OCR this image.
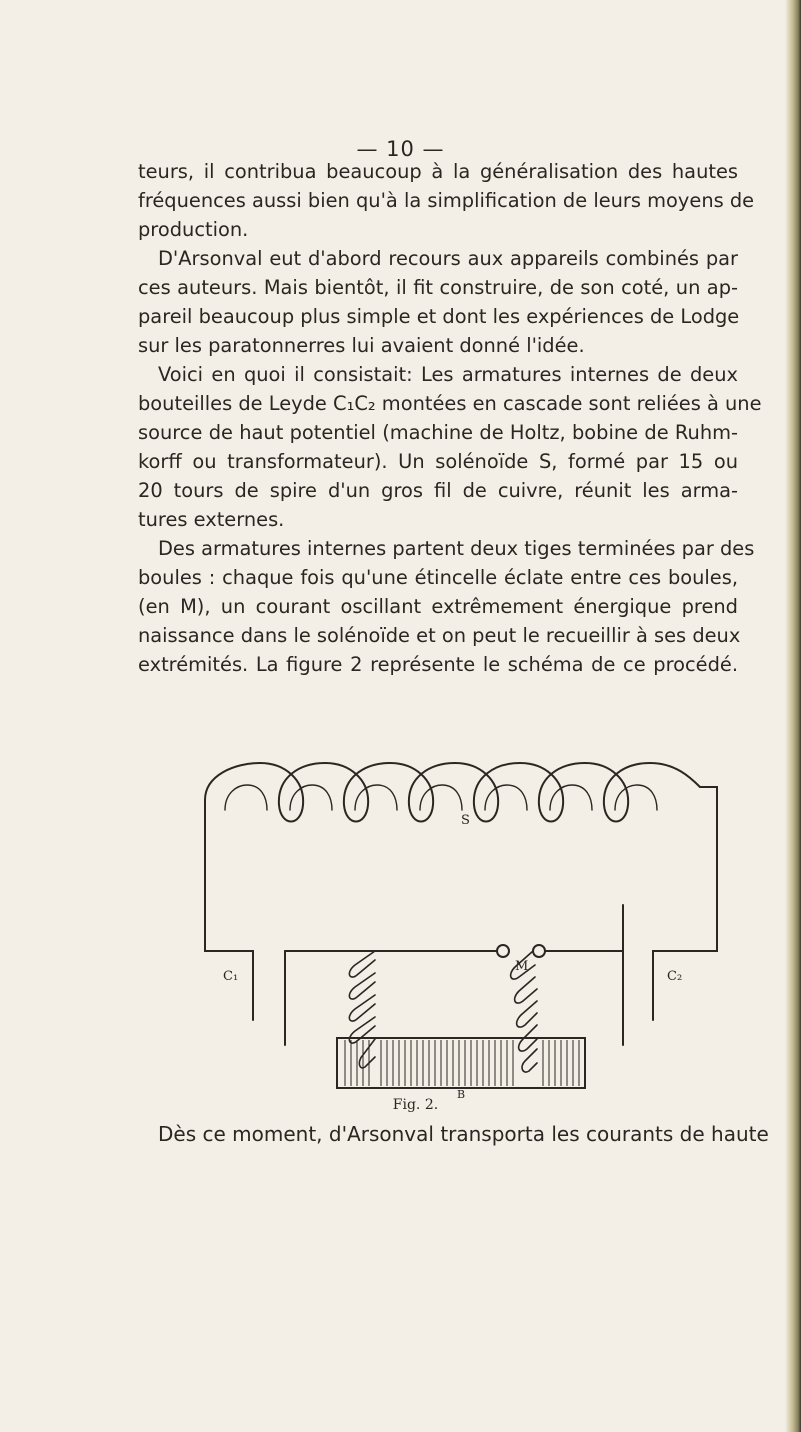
— 10 —
teurs, il contribua beaucoup à la généralisation des hautes
fréquences aussi bien qu'à la simplification de leurs moyens de
production.
D'Arsonval eut d'abord recours aux appareils combinés par
ces auteurs. Mais bientôt, il fit construire, de son coté, un ap-
pareil beaucoup plus simple et dont les expériences de Lodge
sur les paratonnerres lui avaient donné l'idée.
Voici en quoi il consistait: Les armatures internes de deux
bouteilles de Leyde C₁C₂ montées en cascade sont reliées à une
source de haut potentiel (machine de Holtz, bobine de Ruhm-
korff ou transformateur). Un solénoïde S, formé par 15 ou
20 tours de spire d'un gros fil de cuivre, réunit les arma-
tures externes.
Des armatures internes partent deux tiges terminées par des
boules : chaque fois qu'une étincelle éclate entre ces boules,
(en M), un courant oscillant extrêmement énergique prend
naissance dans le solénoïde et on peut le recueillir à ses deux
extrémités. La figure 2 représente le schéma de ce procédé.
S
C₁	C₂
M
B
Fig. 2.
Dès ce moment, d'Arsonval transporta les courants de haute
